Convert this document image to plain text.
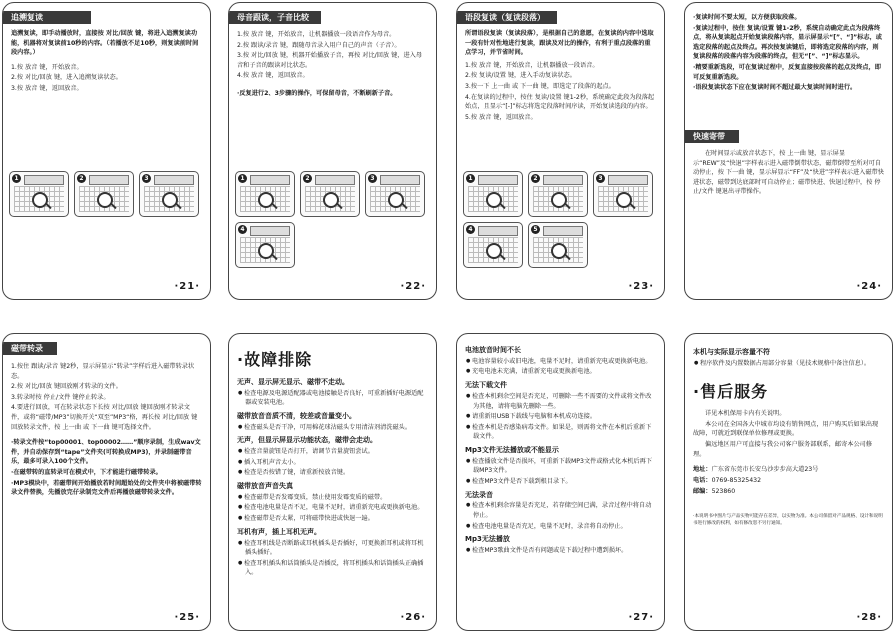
追溯复读

追溯复读，即手动播放时，直接按 对比/回放 键，将进入追溯复读功能，机器将对复读前10秒的内容。（若播放不足10秒，则复读前时间段内容。）

1.按 放音 键，开始放音。

2.按 对比/回放 键，进入追溯复读状态。

3.按 放音 键，返回放音。

1	2	3
·21·
母音跟读，子音比较

1.按 放音 键，开始放音，让机器播放一段语音作为母音。

2.按 跟读/录音 键，跟随母音录入用户自己的声音（子音）。

3.按 对比/回放 键，机器开始播放子音，再按 对比/回放 键，进入母音和子音的跟读对比状态。

4.按 放音 键，返回放音。

·反复进行2、3步骤的操作，可保留母音，不断刷新子音。

1	2	3
4
·22·
语段复读（复读段落）

所谓语段复读（复读段落），是根据自己的意愿，在复读的内容中选取一段有针对性地进行复读，跟读及对比的操作，有利于重点段落的重点学习，并节省时间。

1.按 放音 键，开始放音，让机器播放一段语音。

2.按 复读/设置 键，进入手动复读状态。

3.按一下 上一曲 或 下一曲 键，即选定了段落的起点。

4.在复读的过程中，按住 复读/设置 键1-2秒，系统确定此段为段落起始点，且显示“[-]”标志将选定段落时间序读，开始复读选段的内容。

5.按 放音 键，返回放音。

1	2	3
4	5
·23·

·复读时间不要太短，以方便获取段落。

·复读过程中，按住 复读/设置 键1-2秒，系统自动确定此点为段落终点，将从复读起点开始复读段落内容，显示屏显示“[”、“]”标志，或选定段落的起点及终点。再次按复读键后，即将选定段落的内容，则复读段落的段落内容为段落的终点，但无“[”、“]”标志显示。

·精要重新选段，可在复读过程中，反复直接按段落的起点及终点，即可反复重新选段。

·语段复读状态下应在复读时间不超过最大复读时间时进行。

快速寄带

在时间显示或放音状态下，按 上一曲 键，显示屏显示“REW”及“快退”字样表示进入磁带倒带状态，磁带倒带至所对可自动停止，按 下一曲 键，显示屏显示“FF”及“快进”字样表示进入磁带快进状态，磁带到达底部时可自动停止；磁带快进、快退过程中，按 停止/文件 键退出寻带操作。

·24·
磁带转录

1.按住 跟读/录音 键2秒，显示屏显示“转录”字样后进入磁带转录状态。

2.按 对比/回放 键回放刚才转录的文件。

3.转录时按 停止/文件 键停止转录。

4.要进行回放，可在转录状态下长按 对比/回放 键回放刚才转录文件，或将“磁带/MP3”切换开关“双至”MP3“格，再长按 对比/回放 键回放转录文件，按 上一曲 或 下一曲 键可选择文件。

·转录文件按“top00001、top00002……”顺序录制，生成wav文件，并自动保存到“tape”文件夹(可转换成MP3)，并录制磁带音乐，最多可录入100个文件。

·在磁带转的直转录可在模式中，下才能进行磁带转录。

·MP3模块中，若磁带间开始播放若时间超始处的文件夹中将被磁带转录文件替换，先播放完仔录制完文件后再播放磁带转录文件。

·25·
·故障排除
无声、显示屏无显示、磁带不走动。

● 检查电源及电源适配器或电池接触是否良好，可重新插好电源适配器或安装电池。

磁带放音音质不清，较差或音量变小。

● 检查磁头是否干净，可用棉花球沾磁头专用清洁剂清洗磁头。

无声，但显示屏显示功能状态，磁带会走动。

● 检查音量旋钮是否打开，请调节音量旋钮尝试。

● 插入耳机声音太小。

● 检查是否按错了键，请重新按放音键。

磁带放音声音失真

● 检查磁带是否发霉变质，禁止使用发霉变质的磁带。

● 检查电池电量是否不足，电量不足时，请重新充电或更换新电池。

● 检查磁带是否太紧，可将磁带快进或快退一遍。

耳机有声，插上耳机无声。

● 检查耳机线是否断路或耳机插头是否插好，可更换新耳机或将耳机插头插好。

● 检查耳机插头和话筒插头是否插反，将耳机插头和话筒插头正确插入。

·26·
电池放音时间不长

● 电池容量较小或旧电池，电量不足时，请重新充电或更换新电池。

● 充电电池未充满，请重新充电或更换新电池。

无法下载文件

● 检查本机剩余空间是否充足，可删除一些不需要的文件或将文件改为其他，请将电脑先删除一些。

● 请重新用USB下载线与电脑和本机成功连接。

● 检查本机是否感染病毒文件。如果是，则需将文件在本机后重新下载文件。

Mp3文件无法播放或不能显示

● 检查播放文件是否损坏，可重新下载MP3文件或格式化本机后再下载MP3文件。

● 检查MP3文件是否下载到根目录下。

无法录音

● 检查本机剩余容量是否充足，若存储空间已满，录音过程中将自动停止。

● 检查电池电量是否充足，电量不足时，录音将自动停止。

Mp3无法播放

● 检查MP3歌曲文件是否有问题或是下载过程中遭到损坏。

·27·
本机与实际显示容量不符

● 程序软件及内置数据占用部分容量（见技术规格中备注信息）。

·售后服务

详见本机保用卡内有关说明。

本公司在全国各大中城市均设有销售网点，用户购买后如果出现故障，可就近到联保单位修理或更换。

偏远地区用户可直接与我公司客户服务部联系，邮寄本公司修理。

地址：广东省东莞市长安乌沙步步高大道23号

电话：0769-85325432

邮编：523860

·本说明书中图片与产品实物可能存在差异，以实物为准。本公司保留对产品规格、设计和说明书进行修改的权利，如有修改恕不另行通知。

·28·
